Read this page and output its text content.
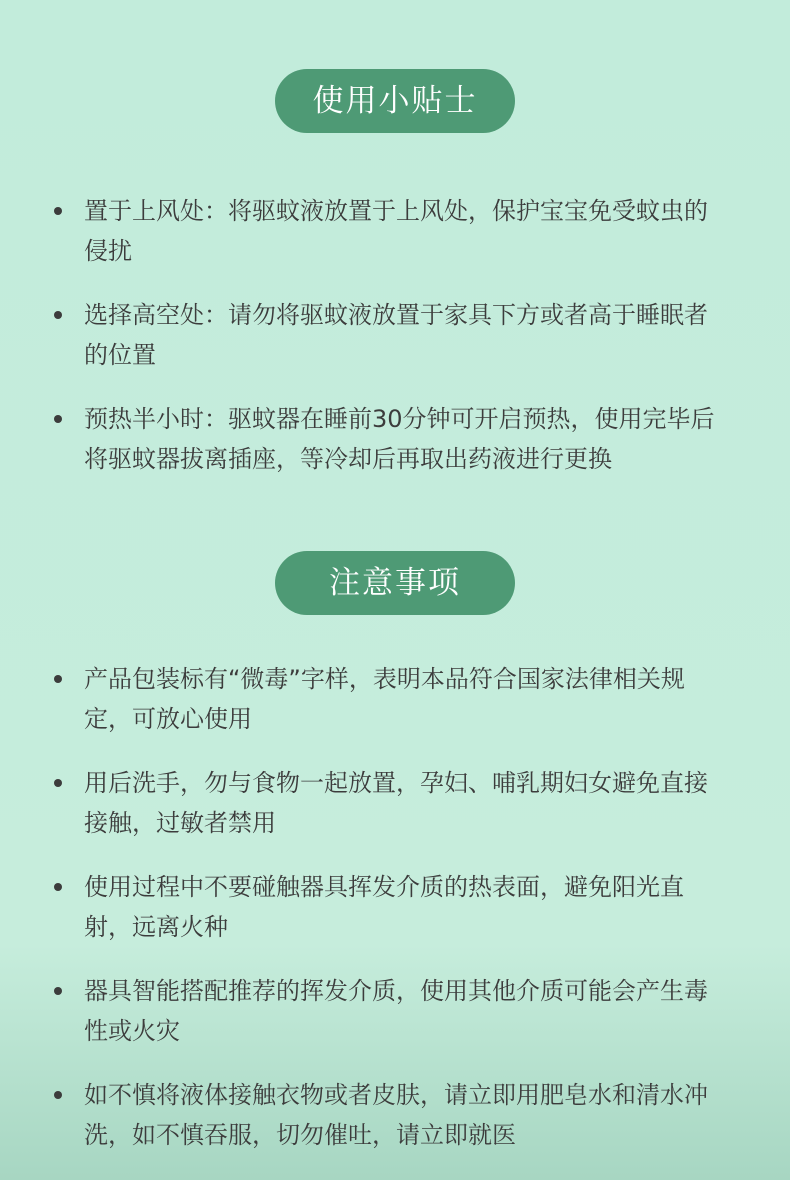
使用小贴士
置于上风处：将驱蚊液放置于上风处，保护宝宝免受蚊虫的侵扰
选择高空处：请勿将驱蚊液放置于家具下方或者高于睡眠者的位置
预热半小时：驱蚊器在睡前30分钟可开启预热，使用完毕后将驱蚊器拔离插座，等冷却后再取出药液进行更换
注意事项
产品包装标有“微毒”字样，表明本品符合国家法律相关规定，可放心使用
用后洗手，勿与食物一起放置，孕妇、哺乳期妇女避免直接接触，过敏者禁用
使用过程中不要碰触器具挥发介质的热表面，避免阳光直射，远离火种
器具智能搭配推荐的挥发介质，使用其他介质可能会产生毒性或火灾
如不慎将液体接触衣物或者皮肤，请立即用肥皂水和清水冲洗，如不慎吞服，切勿催吐，请立即就医
